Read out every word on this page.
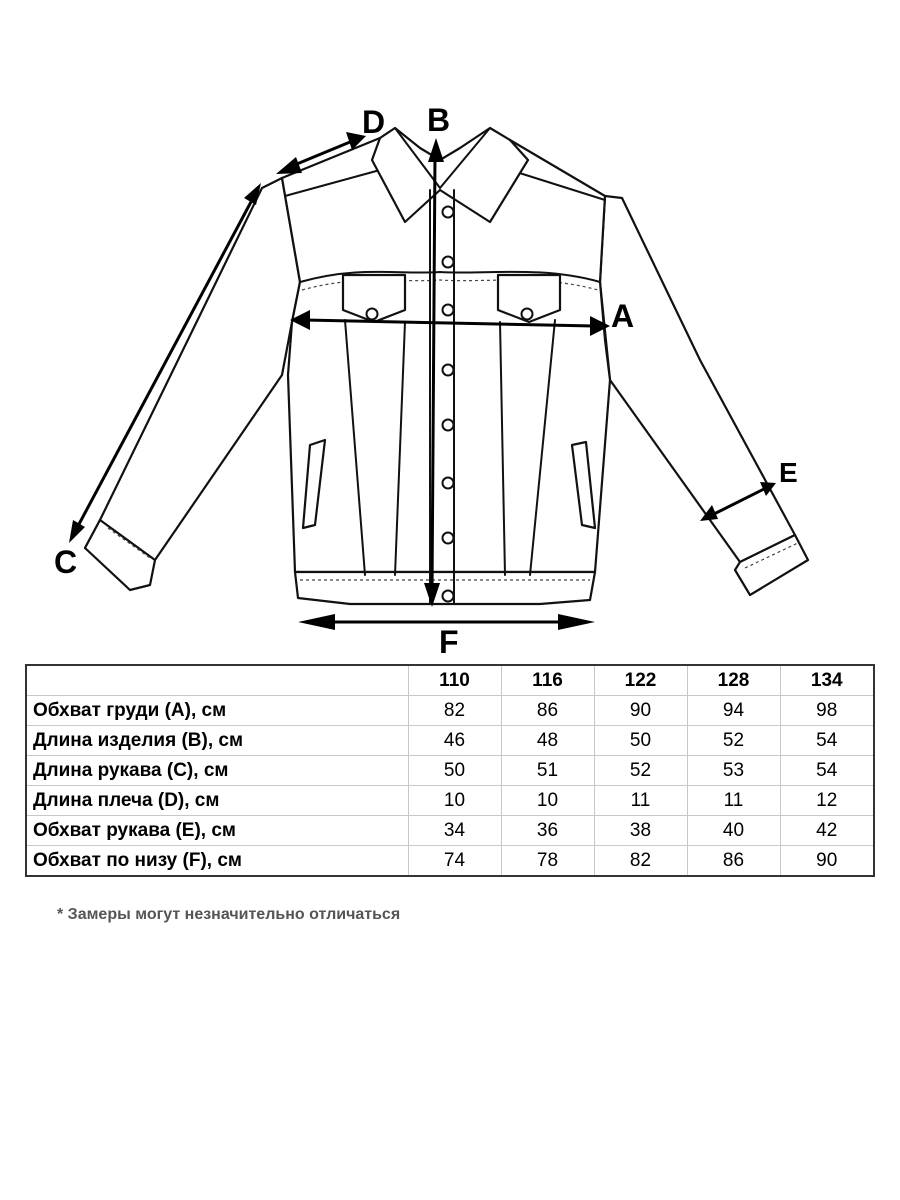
A
B
C
D
E
F
	110	116	122	128	134
Обхват груди (A), см	82	86	90	94	98
Длина изделия (B), см	46	48	50	52	54
Длина рукава (C), см	50	51	52	53	54
Длина плеча (D), см	10	10	11	11	12
Обхват рукава (E), см	34	36	38	40	42
Обхват по низу (F), см	74	78	82	86	90
* Замеры могут незначительно отличаться
